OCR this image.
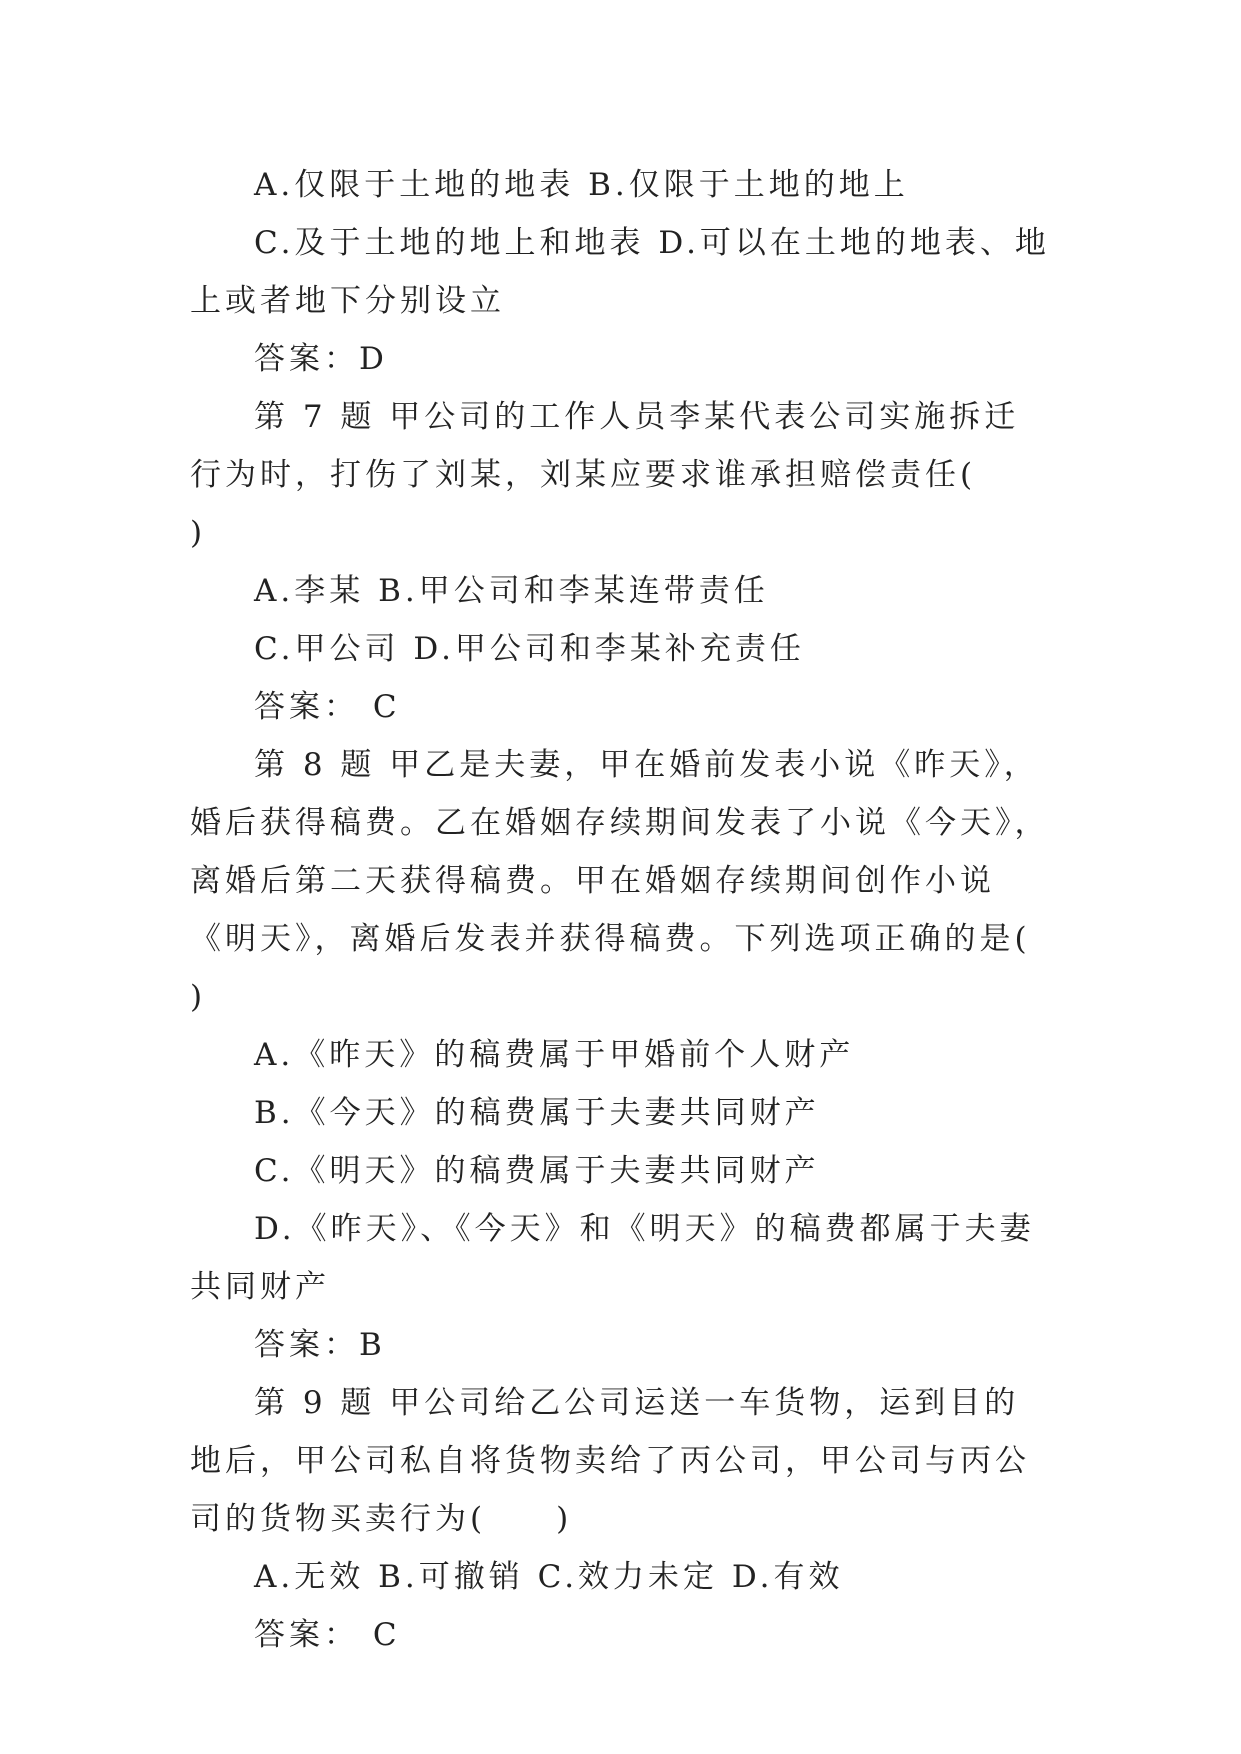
A.仅限于土地的地表 B.仅限于土地的地上

C.及于土地的地上和地表 D.可以在土地的地表、地上或者地下分别设立

答案：D

第 7 题 甲公司的工作人员李某代表公司实施拆迁行为时，打伤了刘某，刘某应要求谁承担赔偿责任(　　)

A.李某 B.甲公司和李某连带责任

C.甲公司 D.甲公司和李某补充责任

答案： C

第 8 题 甲乙是夫妻，甲在婚前发表小说《昨天》，婚后获得稿费。乙在婚姻存续期间发表了小说《今天》，离婚后第二天获得稿费。甲在婚姻存续期间创作小说《明天》，离婚后发表并获得稿费。下列选项正确的是(　　)

A.《昨天》的稿费属于甲婚前个人财产

B.《今天》的稿费属于夫妻共同财产

C.《明天》的稿费属于夫妻共同财产

D.《昨天》、《今天》和《明天》的稿费都属于夫妻共同财产

答案：B

第 9 题 甲公司给乙公司运送一车货物，运到目的地后，甲公司私自将货物卖给了丙公司，甲公司与丙公司的货物买卖行为(　　)

A.无效 B.可撤销 C.效力未定 D.有效

答案： C
